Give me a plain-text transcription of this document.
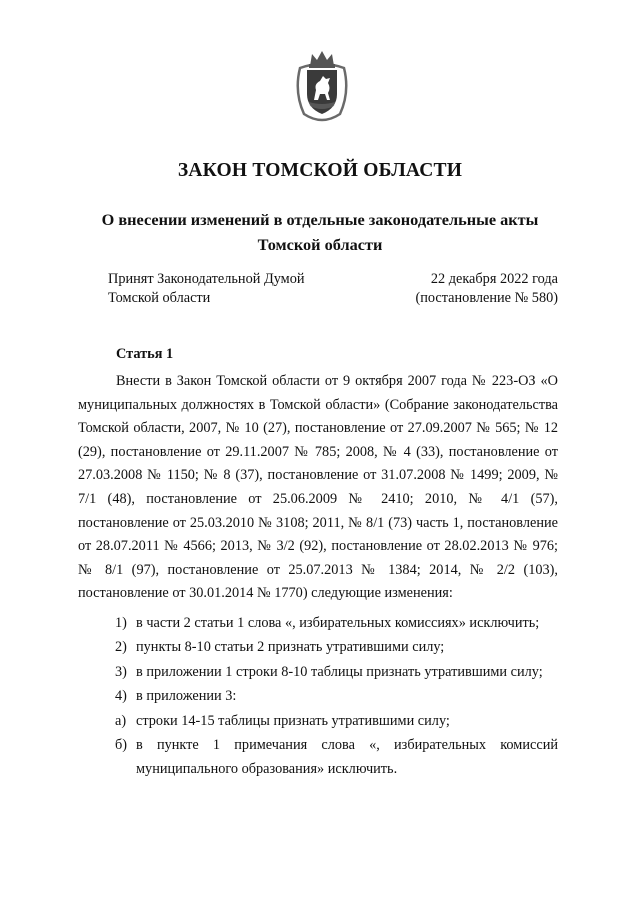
ЗАКОН ТОМСКОЙ ОБЛАСТИ
О внесении изменений в отдельные законодательные акты
Томской области
Принят Законодательной Думой
Томской области
22 декабря 2022 года
(постановление № 580)
Статья 1
Внести в Закон Томской области от 9 октября 2007 года № 223-ОЗ «О муниципальных должностях в Томской области» (Собрание законодательства Томской области, 2007, № 10 (27), постановление от 27.09.2007 № 565; № 12 (29), постановление от 29.11.2007 № 785; 2008, № 4 (33), постановление от 27.03.2008 № 1150; № 8 (37), постановление от 31.07.2008 № 1499; 2009, № 7/1 (48), постановление от 25.06.2009 № 2410; 2010, № 4/1 (57), постановление от 25.03.2010 № 3108; 2011, № 8/1 (73) часть 1, постановление от 28.07.2011 № 4566; 2013, № 3/2 (92), постановление от 28.02.2013 № 976; № 8/1 (97), постановление от 25.07.2013 № 1384; 2014, № 2/2 (103), постановление от 30.01.2014 № 1770) следующие изменения:
1) в части 2 статьи 1 слова «, избирательных комиссиях» исключить;
2) пункты 8-10 статьи 2 признать утратившими силу;
3) в приложении 1 строки 8-10 таблицы признать утратившими силу;
4) в приложении 3:
а) строки 14-15 таблицы признать утратившими силу;
б) в пункте 1 примечания слова «, избирательных комиссий муниципального образования» исключить.
